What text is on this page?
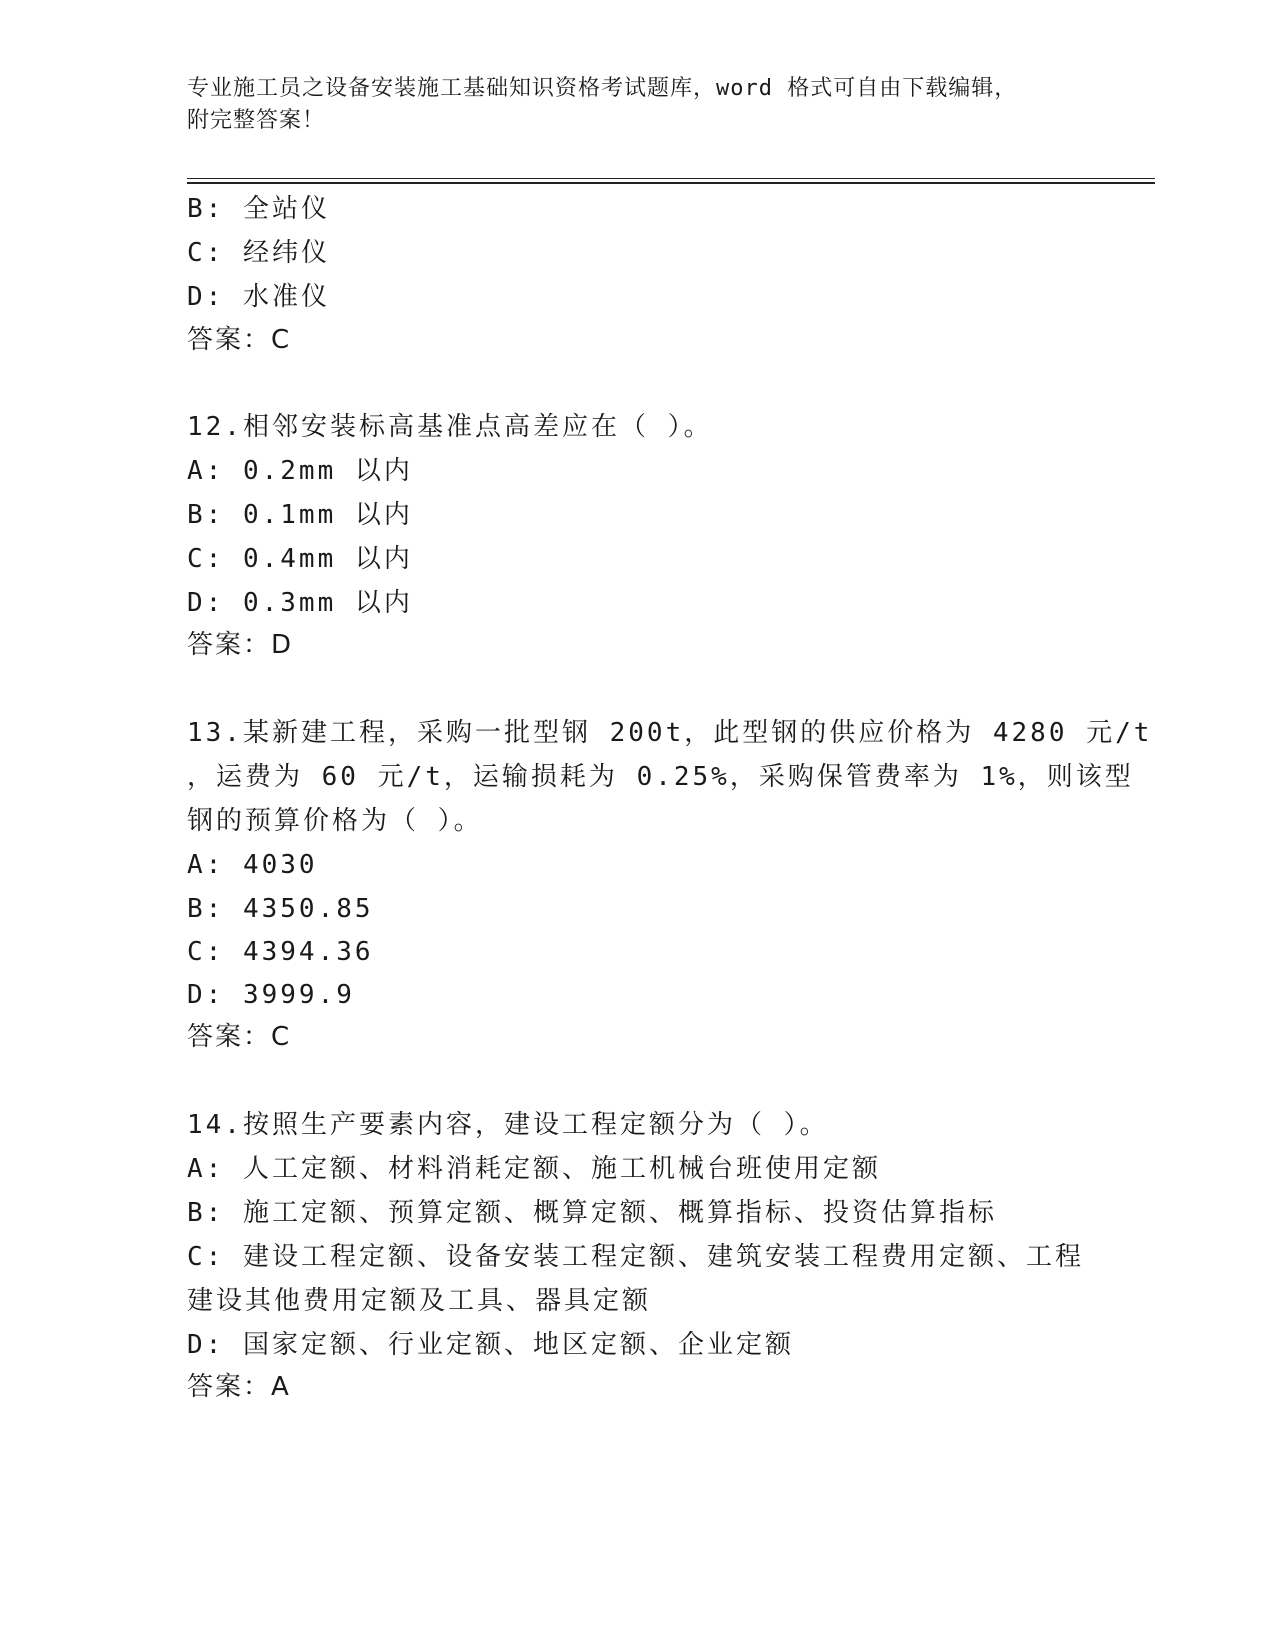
专业施工员之设备安装施工基础知识资格考试题库，word 格式可自由下载编辑，
附完整答案！
B: 全站仪
C: 经纬仪
D: 水准仪
答案：C
12.相邻安装标高基准点高差应在（ ）。
A: 0.2mm 以内
B: 0.1mm 以内
C: 0.4mm 以内
D: 0.3mm 以内
答案：D
13.某新建工程，采购一批型钢 200t，此型钢的供应价格为 4280 元/t
，运费为 60 元/t，运输损耗为 0.25%，采购保管费率为 1%，则该型
钢的预算价格为（ ）。
A: 4030
B: 4350.85
C: 4394.36
D: 3999.9
答案：C
14.按照生产要素内容，建设工程定额分为（ ）。
A: 人工定额、材料消耗定额、施工机械台班使用定额
B: 施工定额、预算定额、概算定额、概算指标、投资估算指标
C: 建设工程定额、设备安装工程定额、建筑安装工程费用定额、工程
建设其他费用定额及工具、器具定额
D: 国家定额、行业定额、地区定额、企业定额
答案：A
